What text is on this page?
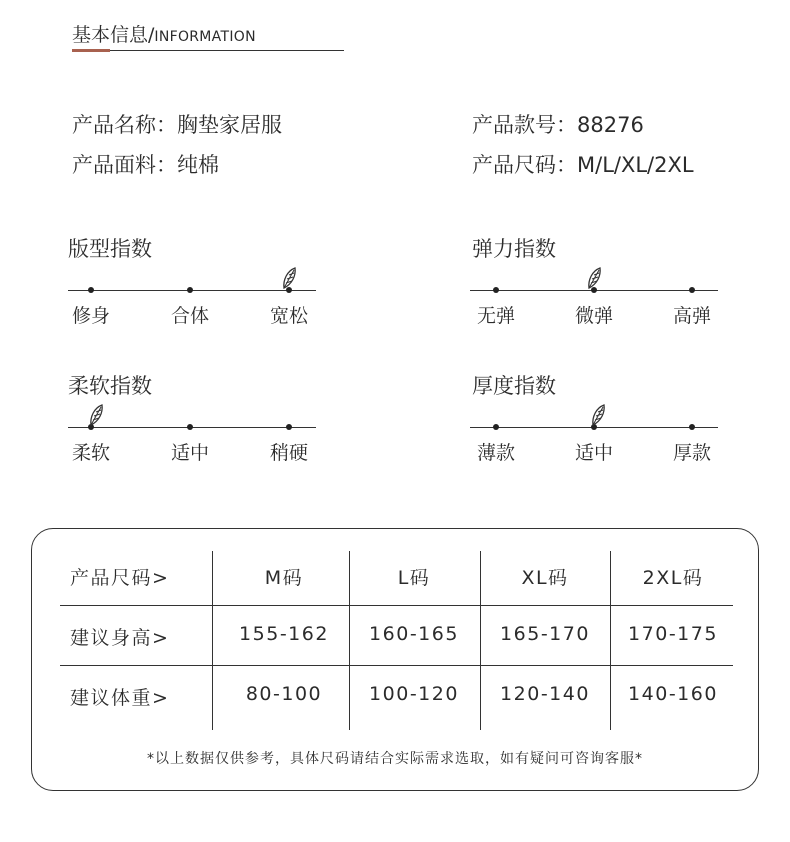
基本信息/INFORMATION
产品名称：胸垫家居服
产品面料：纯棉
产品款号：88276
产品尺码：M/L/XL/2XL
版型指数
修身	合体	宽松
弹力指数
无弹	微弹	高弹
柔软指数
柔软	适中	稍硬
厚度指数
薄款	适中	厚款
产品尺码>	M码	L码	XL码	2XL码
建议身高>	155-162 160-165 165-170 170-175
建议体重>	80-100 100-120 120-140 140-160
*以上数据仅供参考，具体尺码请结合实际需求选取，如有疑问可咨询客服*
